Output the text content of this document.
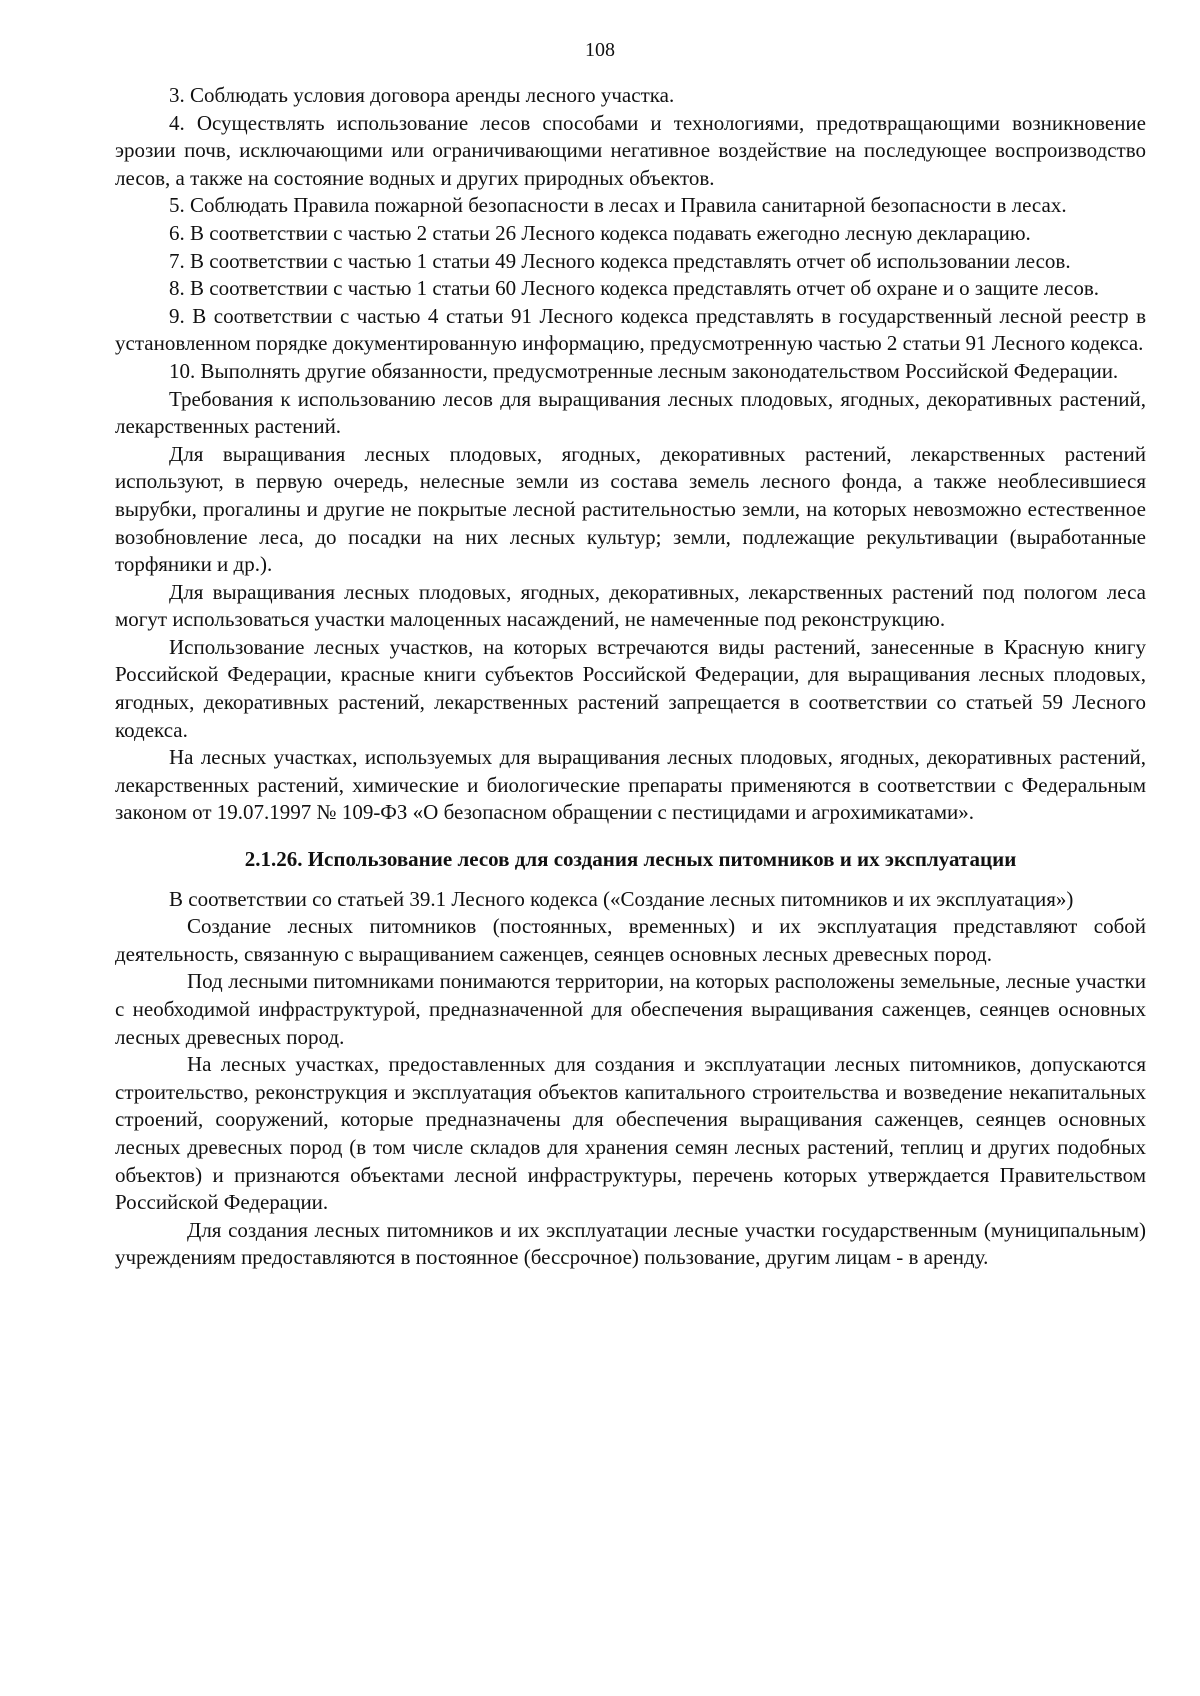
108

3. Соблюдать условия договора аренды лесного участка.

4. Осуществлять использование лесов способами и технологиями, предотвращающими возникновение эрозии почв, исключающими или ограничивающими негативное воздействие на последующее воспроизводство лесов, а также на состояние водных и других природных объектов.

5. Соблюдать Правила пожарной безопасности в лесах и Правила санитарной безопасности в лесах.

6. В соответствии с частью 2 статьи 26 Лесного кодекса подавать ежегодно лесную декларацию.

7. В соответствии с частью 1 статьи 49 Лесного кодекса представлять отчет об использовании лесов.

8. В соответствии с частью 1 статьи 60 Лесного кодекса представлять отчет об охране и о защите лесов.

9. В соответствии с частью 4 статьи 91 Лесного кодекса представлять в государственный лесной реестр в установленном порядке документированную информацию, предусмотренную частью 2 статьи 91 Лесного кодекса.

10. Выполнять другие обязанности, предусмотренные лесным законодательством Российской Федерации.

Требования к использованию лесов для выращивания лесных плодовых, ягодных, декоративных растений, лекарственных растений.

Для выращивания лесных плодовых, ягодных, декоративных растений, лекарственных растений используют, в первую очередь, нелесные земли из состава земель лесного фонда, а также необлесившиеся вырубки, прогалины и другие не покрытые лесной растительностью земли, на которых невозможно естественное возобновление леса, до посадки на них лесных культур; земли, подлежащие рекультивации (выработанные торфяники и др.).

Для выращивания лесных плодовых, ягодных, декоративных, лекарственных растений под пологом леса могут использоваться участки малоценных насаждений, не намеченные под реконструкцию.

Использование лесных участков, на которых встречаются виды растений, занесенные в Красную книгу Российской Федерации, красные книги субъектов Российской Федерации, для выращивания лесных плодовых, ягодных, декоративных растений, лекарственных растений запрещается в соответствии со статьей 59 Лесного кодекса.

На лесных участках, используемых для выращивания лесных плодовых, ягодных, декоративных растений, лекарственных растений, химические и биологические препараты применяются в соответствии с Федеральным законом от 19.07.1997 № 109-ФЗ «О безопасном обращении с пестицидами и агрохимикатами».

2.1.26. Использование лесов для создания лесных питомников и их эксплуатации

В соответствии со статьей 39.1 Лесного кодекса («Создание лесных питомников и их эксплуатация»)

Создание лесных питомников (постоянных, временных) и их эксплуатация представляют собой деятельность, связанную с выращиванием саженцев, сеянцев основных лесных древесных пород.

Под лесными питомниками понимаются территории, на которых расположены земельные, лесные участки с необходимой инфраструктурой, предназначенной для обеспечения выращивания саженцев, сеянцев основных лесных древесных пород.

На лесных участках, предоставленных для создания и эксплуатации лесных питомников, допускаются строительство, реконструкция и эксплуатация объектов капитального строительства и возведение некапитальных строений, сооружений, которые предназначены для обеспечения выращивания саженцев, сеянцев основных лесных древесных пород (в том числе складов для хранения семян лесных растений, теплиц и других подобных объектов) и признаются объектами лесной инфраструктуры, перечень которых утверждается Правительством Российской Федерации.

Для создания лесных питомников и их эксплуатации лесные участки государственным (муниципальным) учреждениям предоставляются в постоянное (бессрочное) пользование, другим лицам - в аренду.
